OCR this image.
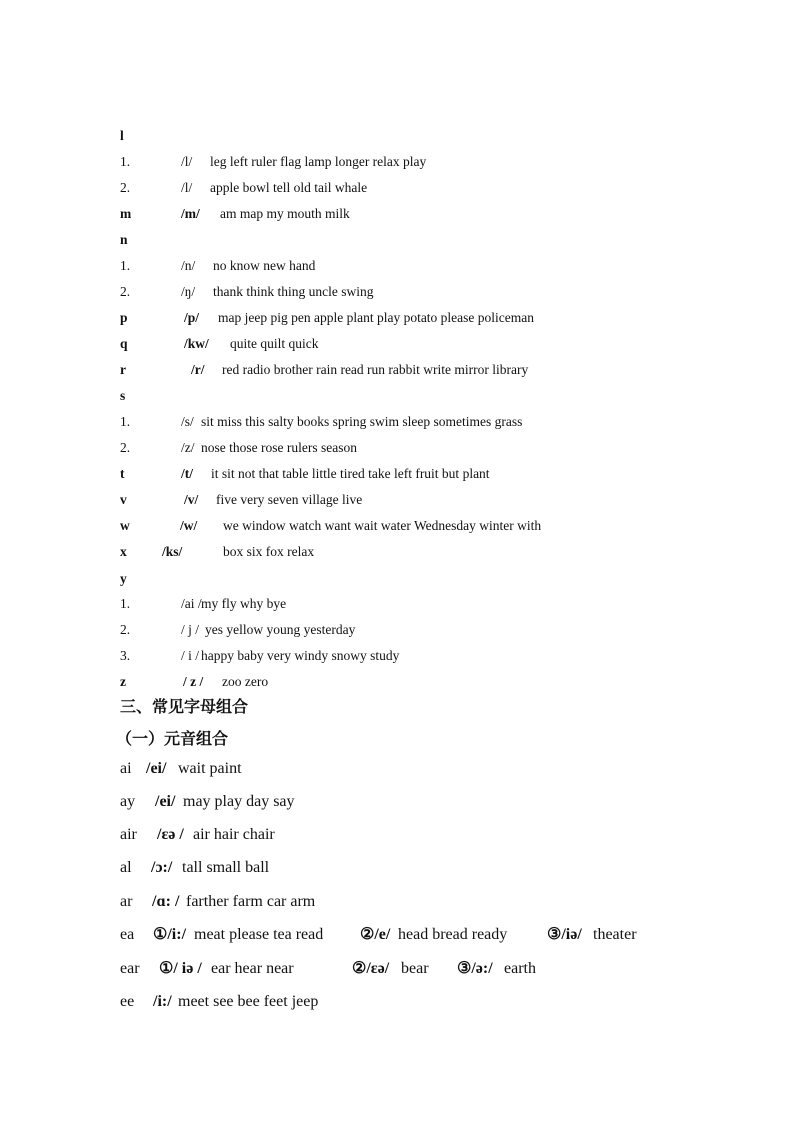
l
1.	/l/ leg left ruler flag lamp longer relax play
2.	/l/ apple bowl tell old tail whale
m	/m/ am map my mouth milk
n
1.	/n/ no know new hand
2.	/ŋ/ thank think thing uncle swing
p	/p/ map jeep pig pen apple plant play potato please policeman
q	/kw/ quite quilt quick
r	/r/ red radio brother rain read run rabbit write mirror library
s
1.	/s/ sit miss this salty books spring swim sleep sometimes grass
2.	/z/ nose those rose rulers season
t	/t/ it sit not that table little tired take left fruit but plant
v	/v/ five very seven village live
w	/w/ we window watch want wait water Wednesday winter with
x	/ks/	box six fox relax
y
1.	/ai / my fly why bye
2.	/ j / yes yellow young yesterday
3.	/ i / happy baby very windy snowy study
z	/ z / zoo zero
三、常见字母组合
（一）元音组合
ai /ei/ wait paint
ay /ei/ may play day say
air /ɛə / air hair chair
al /ɔ:/ tall small ball
ar /ɑ: / farther farm car arm
ea ①/i:/ meat please tea read ②/e/ head bread ready ③/iə/ theater
ear ①/ iə / ear hear near	②/ɛə/ bear ③/ə:/ earth
ee /i:/ meet see bee feet jeep
